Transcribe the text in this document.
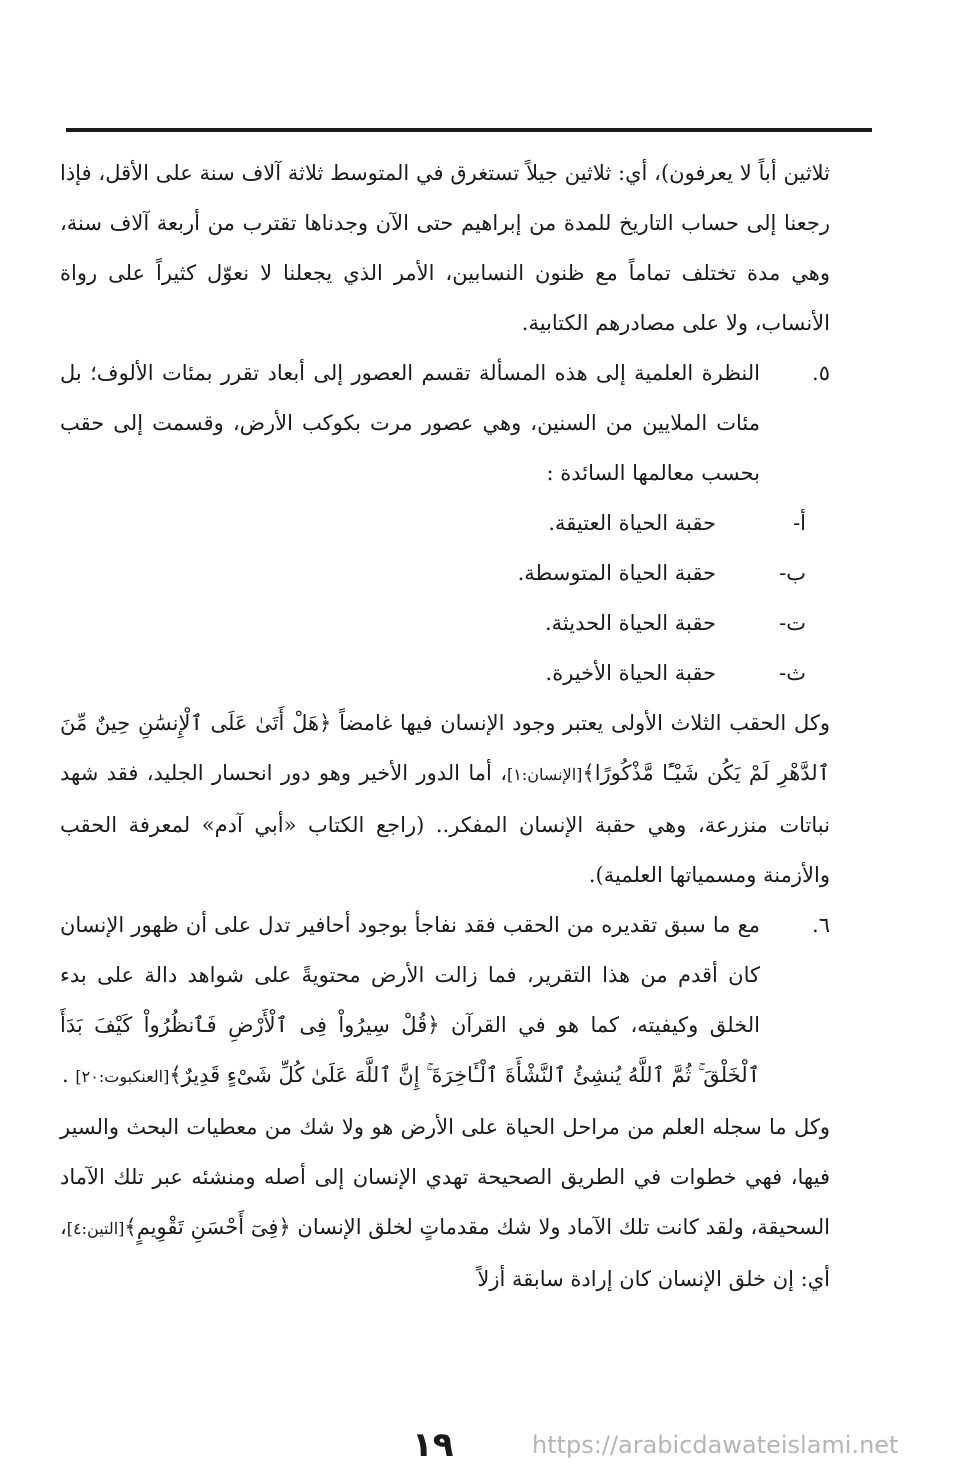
ثلاثين أباً لا يعرفون)، أي: ثلاثين جيلاً تستغرق في المتوسط ثلاثة آلاف سنة على الأقل، فإذا رجعنا إلى حساب التاريخ للمدة من إبراهيم حتى الآن وجدناها تقترب من أربعة آلاف سنة، وهي مدة تختلف تماماً مع ظنون النسابين، الأمر الذي يجعلنا لا نعوّل كثيراً على رواة الأنساب، ولا على مصادرهم الكتابية.

٥.
النظرة العلمية إلى هذه المسألة تقسم العصور إلى أبعاد تقرر بمئات الألوف؛ بل مئات الملايين من السنين، وهي عصور مرت بكوكب الأرض، وقسمت إلى حقب بحسب معالمها السائدة :
أ-
حقبة الحياة العتيقة.
ب-
حقبة الحياة المتوسطة.
ت-
حقبة الحياة الحديثة.
ث-
حقبة الحياة الأخيرة.

وكل الحقب الثلاث الأولى يعتبر وجود الإنسان فيها غامضاً ﴿هَلْ أَتَىٰ عَلَى ٱلْإِنسَٰنِ حِينٌ مِّنَ ٱلدَّهْرِ لَمْ يَكُن شَيْـًٔا مَّذْكُورًا﴾[الإنسان:١]، أما الدور الأخير وهو دور انحسار الجليد، فقد شهد نباتات منزرعة، وهي حقبة الإنسان المفكر.. (راجع الكتاب «أبي آدم» لمعرفة الحقب والأزمنة ومسمياتها العلمية).

٦.
مع ما سبق تقديره من الحقب فقد نفاجأ بوجود أحافير تدل على أن ظهور الإنسان كان أقدم من هذا التقرير، فما زالت الأرض محتويةً على شواهد دالة على بدء الخلق وكيفيته، كما هو في القرآن ﴿قُلْ سِيرُواْ فِى ٱلْأَرْضِ فَٱنظُرُواْ كَيْفَ بَدَأَ ٱلْخَلْقَ ۚ ثُمَّ ٱللَّهُ يُنشِئُ ٱلنَّشْأَةَ ٱلْـَٔاخِرَةَ ۚ إِنَّ ٱللَّهَ عَلَىٰ كُلِّ شَىْءٍ قَدِيرٌ﴾[العنكبوت:٢٠] .

وكل ما سجله العلم من مراحل الحياة على الأرض هو ولا شك من معطيات البحث والسير فيها، فهي خطوات في الطريق الصحيحة تهدي الإنسان إلى أصله ومنشئه عبر تلك الآماد السحيقة، ولقد كانت تلك الآماد ولا شك مقدماتٍ لخلق الإنسان ﴿فِىٓ أَحْسَنِ تَقْوِيمٍ﴾[التين:٤]، أي: إن خلق الإنسان كان إرادة سابقة أزلاً

١٩	https://arabicdawateislami.net
